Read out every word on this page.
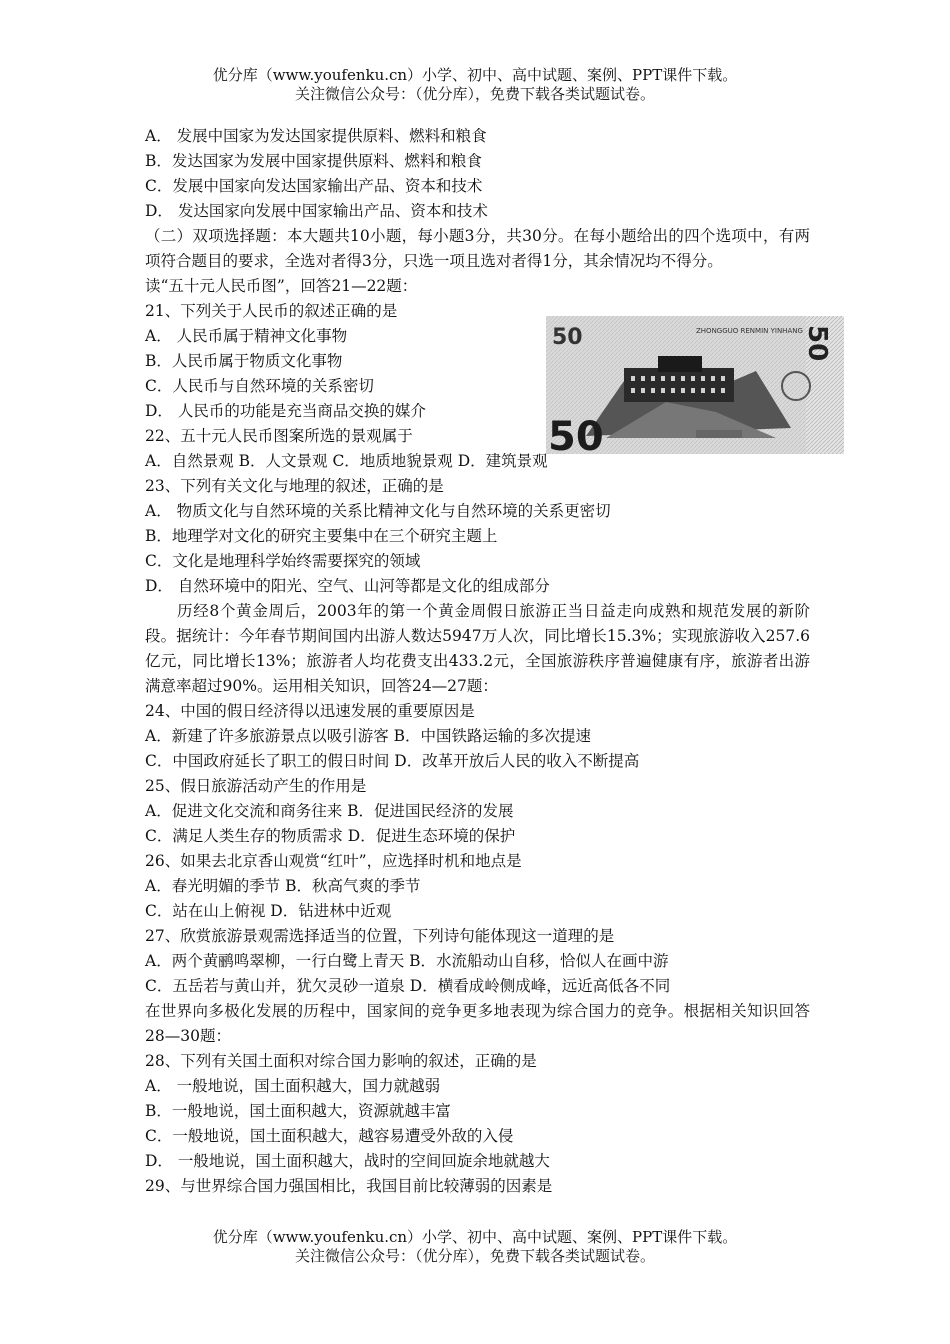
优分库（www.youfenku.cn）小学、初中、高中试题、案例、PPT课件下载。
关注微信公众号：（优分库），免费下载各类试题试卷。
50	ZHONGGUO RENMIN YINHANG 50
50

A． 发展中国家为发达国家提供原料、燃料和粮食

B．发达国家为发展中国家提供原料、燃料和粮食

C．发展中国家向发达国家输出产品、资本和技术

D． 发达国家向发展中国家输出产品、资本和技术

（二）双项选择题：本大题共10小题，每小题3分，共30分。在每小题给出的四个选项中，有两项符合题目的要求，全选对者得3分，只选一项且选对者得1分，其余情况均不得分。

读“五十元人民币图”，回答21—22题：

21、下列关于人民币的叙述正确的是

A． 人民币属于精神文化事物

B．人民币属于物质文化事物

C．人民币与自然环境的关系密切

D． 人民币的功能是充当商品交换的媒介

22、五十元人民币图案所选的景观属于

A．自然景观 B．人文景观 C．地质地貌景观 D．建筑景观

23、下列有关文化与地理的叙述，正确的是

A． 物质文化与自然环境的关系比精神文化与自然环境的关系更密切

B．地理学对文化的研究主要集中在三个研究主题上

C．文化是地理科学始终需要探究的领域

D． 自然环境中的阳光、空气、山河等都是文化的组成部分

历经8个黄金周后，2003年的第一个黄金周假日旅游正当日益走向成熟和规范发展的新阶段。据统计：今年春节期间国内出游人数达5947万人次，同比增长15.3%；实现旅游收入257.6亿元，同比增长13%；旅游者人均花费支出433.2元，全国旅游秩序普遍健康有序，旅游者出游满意率超过90%。运用相关知识，回答24—27题：

24、中国的假日经济得以迅速发展的重要原因是

A．新建了许多旅游景点以吸引游客 B．中国铁路运输的多次提速

C．中国政府延长了职工的假日时间 D．改革开放后人民的收入不断提高

25、假日旅游活动产生的作用是

A．促进文化交流和商务往来 B．促进国民经济的发展

C．满足人类生存的物质需求 D．促进生态环境的保护

26、如果去北京香山观赏“红叶”，应选择时机和地点是

A．春光明媚的季节 B．秋高气爽的季节

C．站在山上俯视 D．钻进林中近观

27、欣赏旅游景观需选择适当的位置，下列诗句能体现这一道理的是

A．两个黄鹂鸣翠柳，一行白鹭上青天 B．水流船动山自移，恰似人在画中游

C．五岳若与黄山并，犹欠灵砂一道泉 D．横看成岭侧成峰，远近高低各不同

在世界向多极化发展的历程中，国家间的竞争更多地表现为综合国力的竞争。根据相关知识回答28—30题：

28、下列有关国土面积对综合国力影响的叙述，正确的是

A． 一般地说，国土面积越大，国力就越弱

B．一般地说，国土面积越大，资源就越丰富

C．一般地说，国土面积越大，越容易遭受外敌的入侵

D． 一般地说，国土面积越大，战时的空间回旋余地就越大

29、与世界综合国力强国相比，我国目前比较薄弱的因素是

优分库（www.youfenku.cn）小学、初中、高中试题、案例、PPT课件下载。
关注微信公众号：（优分库），免费下载各类试题试卷。
